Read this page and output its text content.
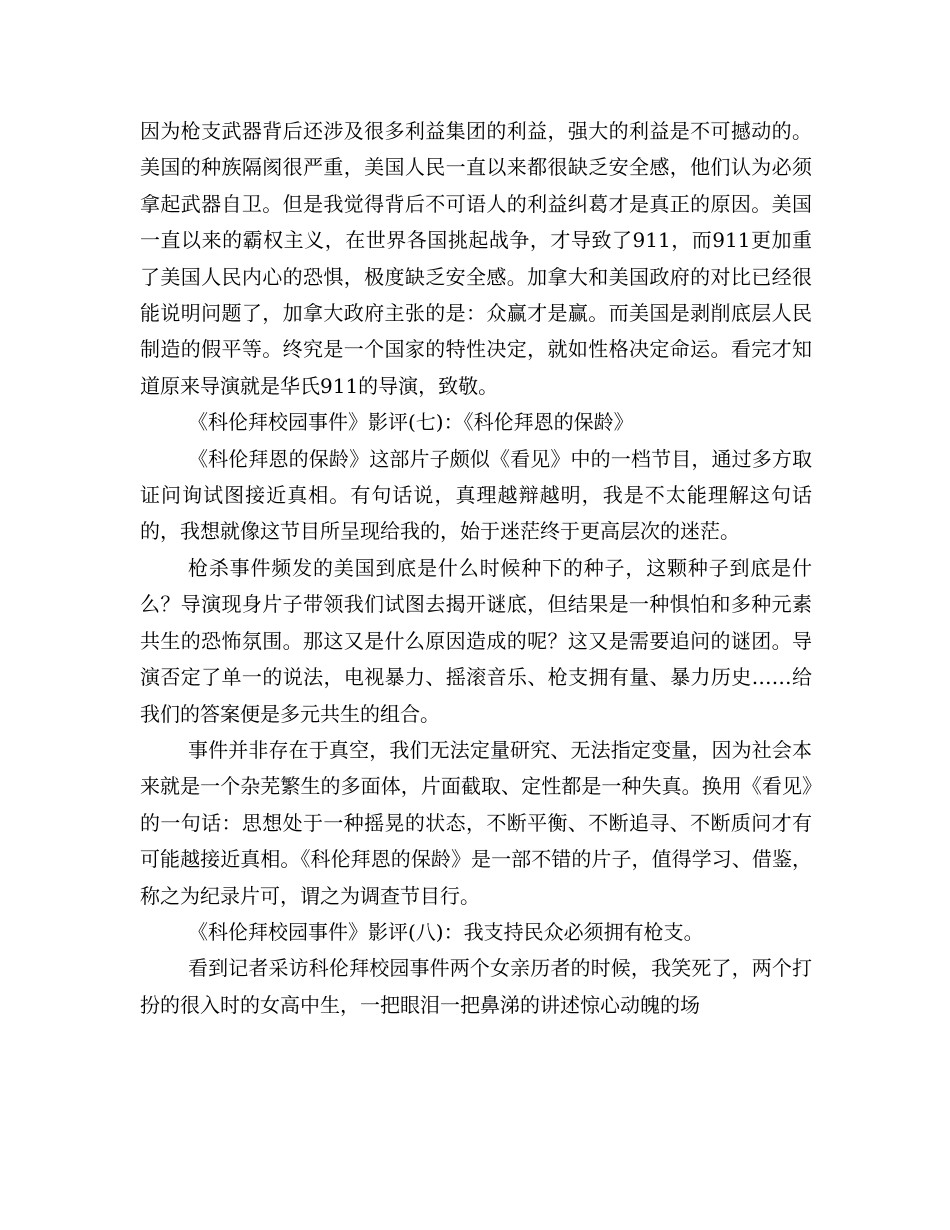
因为枪支武器背后还涉及很多利益集团的利益，强大的利益是不可撼动的。美国的种族隔阂很严重，美国人民一直以来都很缺乏安全感，他们认为必须拿起武器自卫。但是我觉得背后不可语人的利益纠葛才是真正的原因。美国一直以来的霸权主义，在世界各国挑起战争，才导致了911，而911更加重了美国人民内心的恐惧，极度缺乏安全感。加拿大和美国政府的对比已经很能说明问题了，加拿大政府主张的是：众赢才是赢。而美国是剥削底层人民制造的假平等。终究是一个国家的特性决定，就如性格决定命运。看完才知道原来导演就是华氏911的导演，致敬。

《科伦拜校园事件》影评(七)：《科伦拜恩的保龄》

《科伦拜恩的保龄》这部片子颇似《看见》中的一档节目，通过多方取证问询试图接近真相。有句话说，真理越辩越明，我是不太能理解这句话的，我想就像这节目所呈现给我的，始于迷茫终于更高层次的迷茫。

枪杀事件频发的美国到底是什么时候种下的种子，这颗种子到底是什么？导演现身片子带领我们试图去揭开谜底，但结果是一种惧怕和多种元素共生的恐怖氛围。那这又是什么原因造成的呢？这又是需要追问的谜团。导演否定了单一的说法，电视暴力、摇滚音乐、枪支拥有量、暴力历史……给我们的答案便是多元共生的组合。

事件并非存在于真空，我们无法定量研究、无法指定变量，因为社会本来就是一个杂芜繁生的多面体，片面截取、定性都是一种失真。换用《看见》的一句话：思想处于一种摇晃的状态，不断平衡、不断追寻、不断质问才有可能越接近真相。《科伦拜恩的保龄》是一部不错的片子，值得学习、借鉴，称之为纪录片可，谓之为调查节目行。

《科伦拜校园事件》影评(八)：我支持民众必须拥有枪支。

看到记者采访科伦拜校园事件两个女亲历者的时候，我笑死了，两个打扮的很入时的女高中生，一把眼泪一把鼻涕的讲述惊心动魄的场
